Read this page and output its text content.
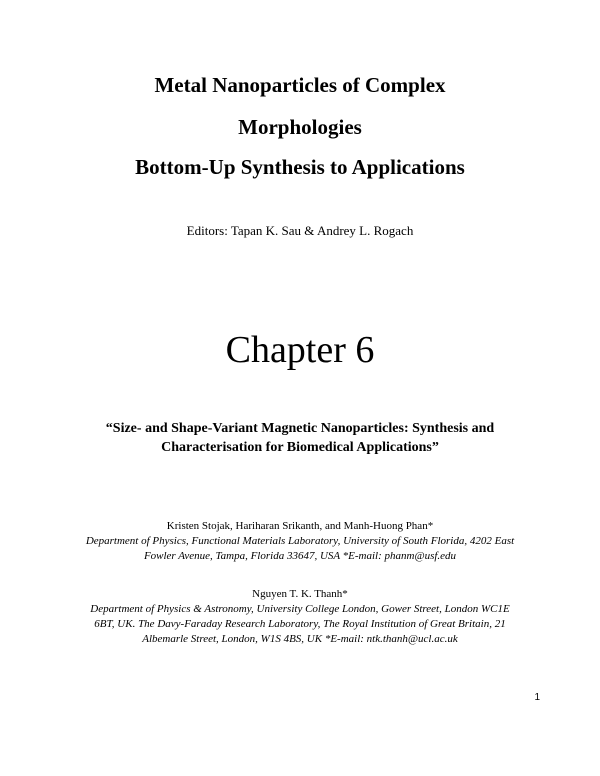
Metal Nanoparticles of Complex
Morphologies
Bottom-Up Synthesis to Applications
Editors: Tapan K. Sau & Andrey L. Rogach
Chapter 6
“Size- and Shape-Variant Magnetic Nanoparticles: Synthesis and
Characterisation for Biomedical Applications”
Kristen Stojak, Hariharan Srikanth, and Manh-Huong Phan*
Department of Physics, Functional Materials Laboratory, University of South Florida, 4202 East
Fowler Avenue, Tampa, Florida 33647, USA *E-mail: phanm@usf.edu
Nguyen T. K. Thanh*
Department of Physics & Astronomy, University College London, Gower Street, London WC1E
6BT, UK. The Davy-Faraday Research Laboratory, The Royal Institution of Great Britain, 21
Albemarle Street, London, W1S 4BS, UK *E-mail: ntk.thanh@ucl.ac.uk
1
